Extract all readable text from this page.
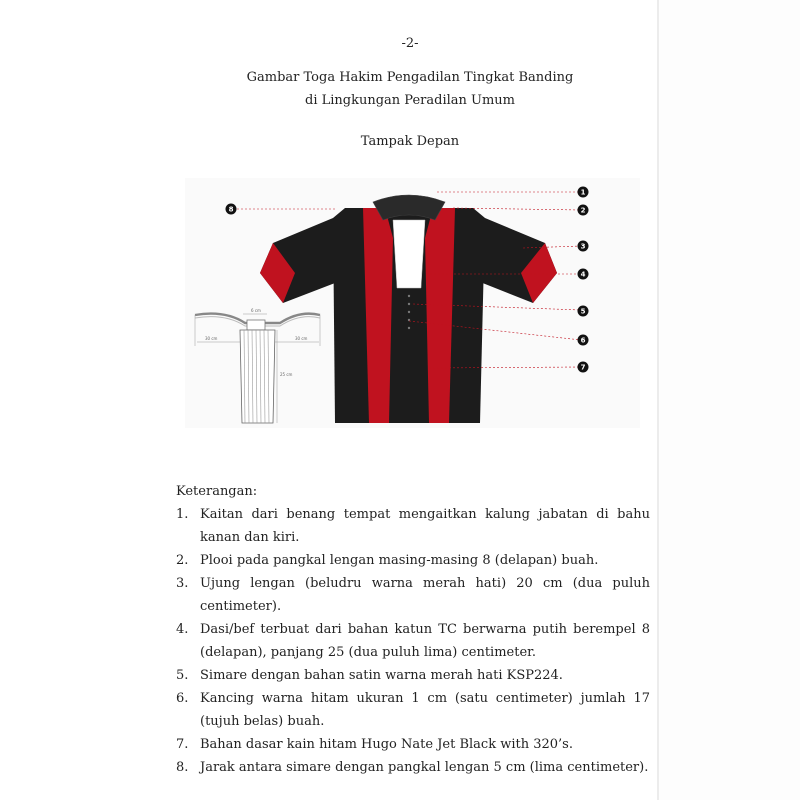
-2-
Gambar Toga Hakim Pengadilan Tingkat Banding
di Lingkungan Peradilan Umum
Tampak Depan
6 cm
30 cm	30 cm
25 cm
1
2
3
4
5
6
7
8
Keterangan:
1. Kaitan dari benang tempat mengaitkan kalung jabatan di bahu kanan dan kiri.
2. Plooi pada pangkal lengan masing-masing 8 (delapan) buah.
3. Ujung lengan (beludru warna merah hati) 20 cm (dua puluh centimeter).
4. Dasi/bef terbuat dari bahan katun TC berwarna putih berempel 8 (delapan), panjang 25 (dua puluh lima) centimeter.
5. Simare dengan bahan satin warna merah hati KSP224.
6. Kancing warna hitam ukuran 1 cm (satu centimeter) jumlah 17 (tujuh belas) buah.
7. Bahan dasar kain hitam Hugo Nate Jet Black with 320’s.
8. Jarak antara simare dengan pangkal lengan 5 cm (lima centimeter).
